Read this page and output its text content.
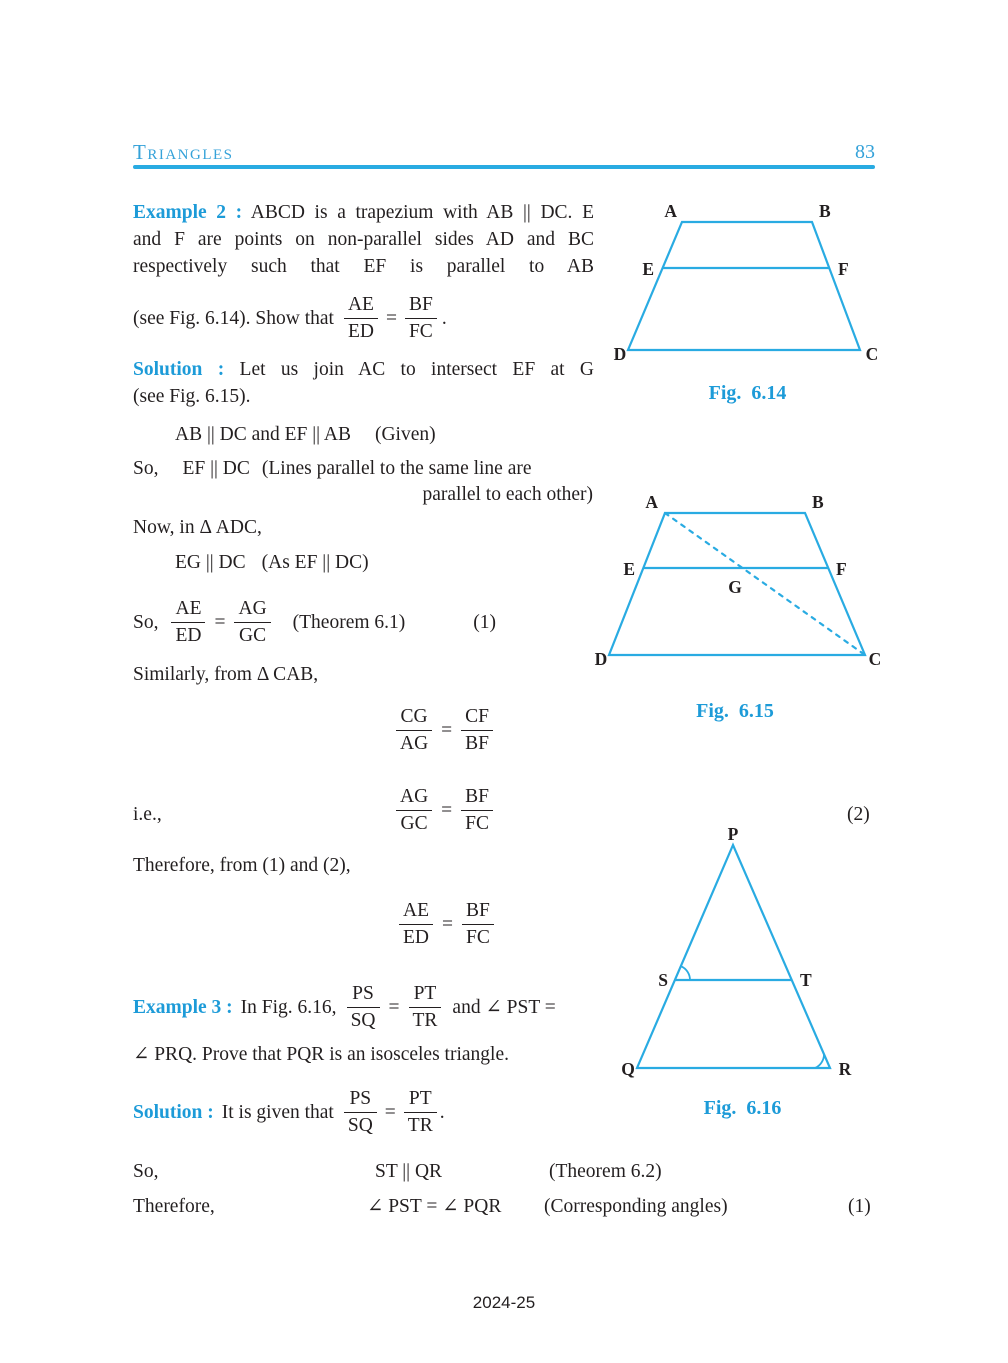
Triangles	83
Example 2 : ABCD is a trapezium with AB || DC. E
and F are points on non-parallel sides AD and BC
respectively such that EF is parallel to AB
(see Fig. 6.14). Show that $\frac{AE}{ED} = \frac{BF}{FC}$ .
Solution : Let us join AC to intersect EF at G
(see Fig. 6.15).
AB || DC and EF || AB (Given)
So, EF || DC (Lines parallel to the same line are
parallel to each other)
Now, in Δ ADC,
EG || DC (As EF || DC)
So, $\frac{AE}{ED} = \frac{AG}{GC}$ (Theorem 6.1)	(1)
Similarly, from Δ CAB,
$\frac{CG}{AG} = \frac{CF}{BF}$
i.e.,	$\frac{AG}{GC} = \frac{BF}{FC}$	(2)
Therefore, from (1) and (2),
$\frac{AE}{ED} = \frac{BF}{FC}$
Example 3 : In Fig. 6.16, $\frac{PS}{SQ} = \frac{PT}{TR}$ and ∠ PST =
∠ PRQ. Prove that PQR is an isosceles triangle.
Solution : It is given that $\frac{PS}{SQ} = \frac{PT}{TR}$ .
So,	ST || QR	(Theorem 6.2)
Therefore,	∠ PST = ∠ PQR (Corresponding angles)	(1)
A	B
E	F
D	C
Fig. 6.14
A	B
E	F
G
D	C
Fig. 6.15
P
Q	R
S	T
Fig. 6.16
2024-25
